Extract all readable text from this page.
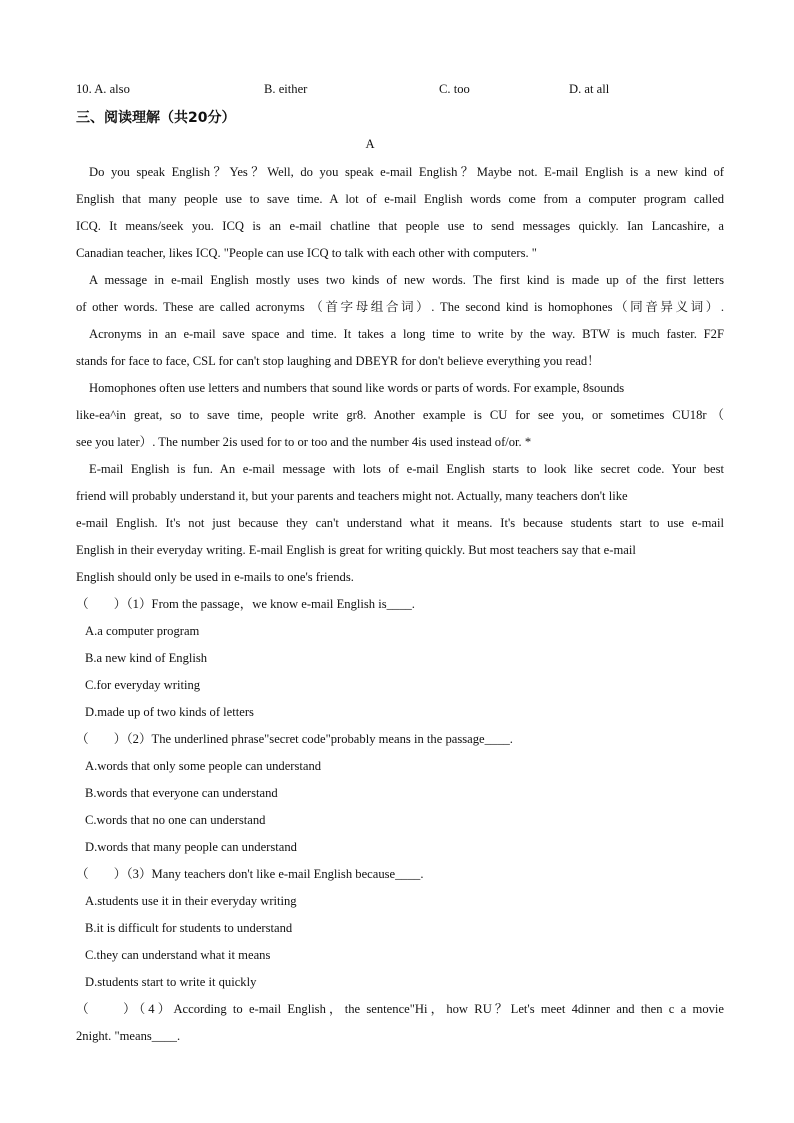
10. A. also	B. either	C. too	D. at all
三、阅读理解（共20分）
A
Do you speak English？Yes？Well, do you speak e-mail English？Maybe not. E-mail English is a new kind of
English that many people use to save time. A lot of e-mail English words come from a computer program called
ICQ. It means/seek you. ICQ is an e-mail chatline that people use to send messages quickly. Ian Lancashire, a
Canadian teacher, likes ICQ. "People can use ICQ to talk with each other with computers. "
A message in e-mail English mostly uses two kinds of new words. The first kind is made up of the first letters
of other words. These are called acronyms （首字母组合词）. The second kind is homophones（同音异义词）.
Acronyms in an e-mail save space and time. It takes a long time to write by the way. BTW is much faster. F2F
stands for face to face, CSL for can't stop laughing and DBEYR for don't believe everything you read！
Homophones often use letters and numbers that sound like words or parts of words. For example, 8sounds
like-ea^in great, so to save time, people write gr8. Another example is CU for see you, or sometimes CU18r（
see you later）. The number 2is used for to or too and the number 4is used instead of/or. *
E-mail English is fun. An e-mail message with lots of e-mail English starts to look like secret code. Your best
friend will probably understand it, but your parents and teachers might not. Actually, many teachers don't like
e-mail English. It's not just because they can't understand what it means. It's because students start to use e-mail
English in their everyday writing. E-mail English is great for writing quickly. But most teachers say that e-mail
English should only be used in e-mails to one's friends.
（　　）（1）From the passage，we know e-mail English is____.
A.a computer program
B.a new kind of English
C.for everyday writing
D.made up of two kinds of letters
（　　）（2）The underlined phrase"secret code"probably means in the passage____.
A.words that only some people can understand
B.words that everyone can understand
C.words that no one can understand
D.words that many people can understand
（　　）（3）Many teachers don't like e-mail English because____.
A.students use it in their everyday writing
B.it is difficult for students to understand
C.they can understand what it means
D.students start to write it quickly
（　　）（4）According to e-mail English，the sentence"Hi，how RU？Let's meet 4dinner and then c a movie
2night. "means____.
